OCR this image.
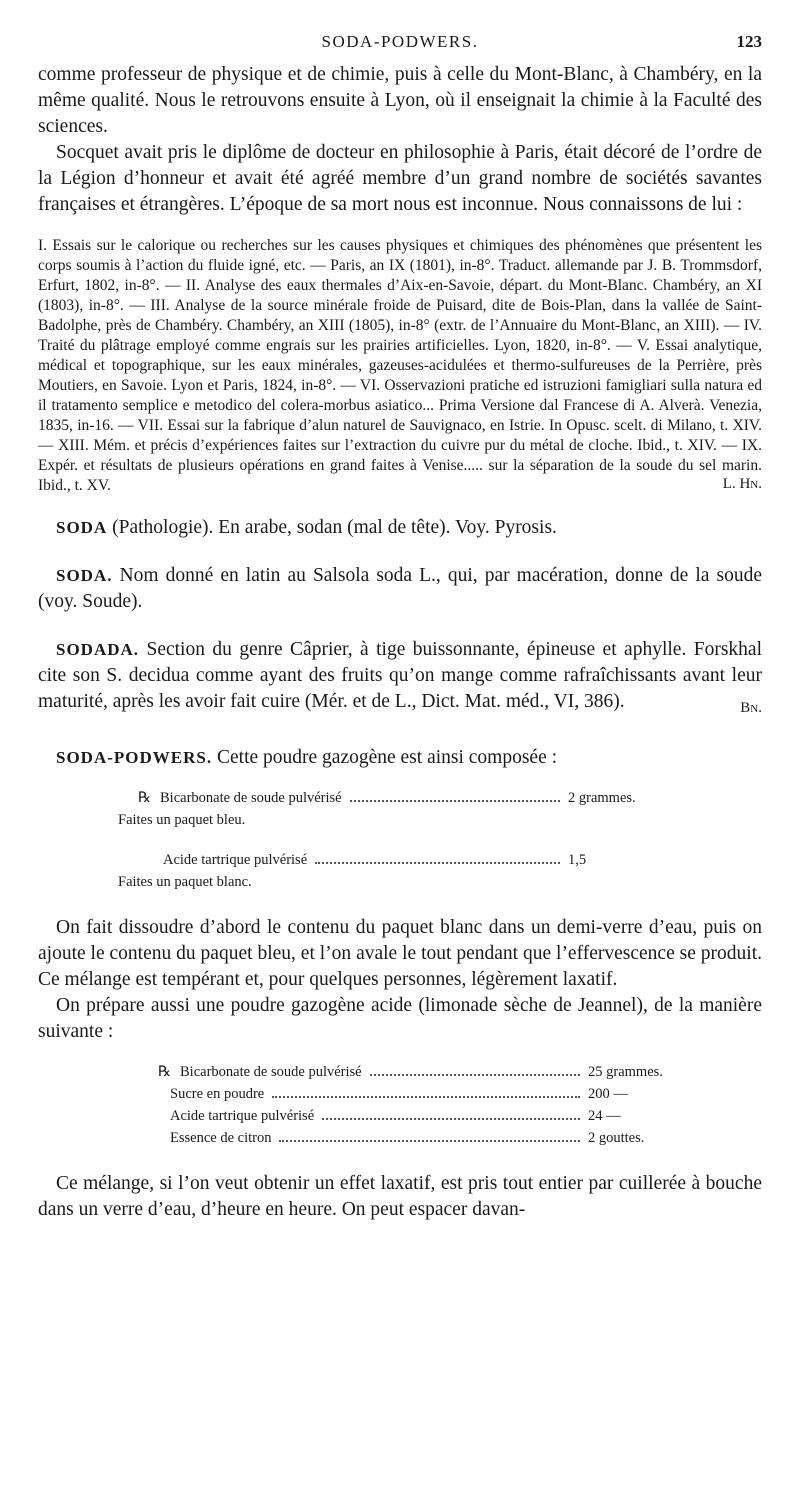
SODA-PODWERS.	123

comme professeur de physique et de chimie, puis à celle du Mont-Blanc, à Chambéry, en la même qualité. Nous le retrouvons ensuite à Lyon, où il enseignait la chimie à la Faculté des sciences.

Socquet avait pris le diplôme de docteur en philosophie à Paris, était décoré de l’ordre de la Légion d’honneur et avait été agréé membre d’un grand nombre de sociétés savantes françaises et étrangères. L’époque de sa mort nous est inconnue. Nous connaissons de lui :

I. Essais sur le calorique ou recherches sur les causes physiques et chimiques des phénomènes que présentent les corps soumis à l’action du fluide igné, etc. — Paris, an IX (1801), in-8°. Traduct. allemande par J. B. Trommsdorf, Erfurt, 1802, in-8°. — II. Analyse des eaux thermales d’Aix-en-Savoie, départ. du Mont-Blanc. Chambéry, an XI (1803), in-8°. — III. Analyse de la source minérale froide de Puisard, dite de Bois-Plan, dans la vallée de Saint-Badolphe, près de Chambéry. Chambéry, an XIII (1805), in-8° (extr. de l’Annuaire du Mont-Blanc, an XIII). — IV. Traité du plâtrage employé comme engrais sur les prairies artificielles. Lyon, 1820, in-8°. — V. Essai analytique, médical et topographique, sur les eaux minérales, gazeuses-acidulées et thermo-sulfureuses de la Perrière, près Moutiers, en Savoie. Lyon et Paris, 1824, in-8°. — VI. Osservazioni pratiche ed istruzioni famigliari sulla natura ed il tratamento semplice e metodico del colera-morbus asiatico... Prima Versione dal Francese di A. Alverà. Venezia, 1835, in-16. — VII. Essai sur la fabrique d’alun naturel de Sauvignaco, en Istrie. In Opusc. scelt. di Milano, t. XIV. — XIII. Mém. et précis d’expériences faites sur l’extraction du cuivre pur du métal de cloche. Ibid., t. XIV. — IX. Expér. et résultats de plusieurs opérations en grand faites à Venise..... sur la séparation de la soude du sel marin. Ibid., t. XV.	L. Hn.

SODA (Pathologie). En arabe, sodan (mal de tête). Voy. Pyrosis.

SODA. Nom donné en latin au Salsola soda L., qui, par macération, donne de la soude (voy. Soude).

SODADA. Section du genre Câprier, à tige buissonnante, épineuse et aphylle. Forskhal cite son S. decidua comme ayant des fruits qu’on mange comme rafraîchissants avant leur maturité, après les avoir fait cuire (Mér. et de L., Dict. Mat. méd., VI, 386).	Bn.

SODA-PODWERS. Cette poudre gazogène est ainsi composée :

℞ Bicarbonate de soude pulvérisé	2 grammes.
Faites un paquet bleu.
Acide tartrique pulvérisé	1,5
Faites un paquet blanc.

On fait dissoudre d’abord le contenu du paquet blanc dans un demi-verre d’eau, puis on ajoute le contenu du paquet bleu, et l’on avale le tout pendant que l’effervescence se produit. Ce mélange est tempérant et, pour quelques personnes, légèrement laxatif.

On prépare aussi une poudre gazogène acide (limonade sèche de Jeannel), de la manière suivante :

℞ Bicarbonate de soude pulvérisé	25 grammes.
Sucre en poudre	200 —
Acide tartrique pulvérisé	24 —
Essence de citron	2 gouttes.

Ce mélange, si l’on veut obtenir un effet laxatif, est pris tout entier par cuillerée à bouche dans un verre d’eau, d’heure en heure. On peut espacer davan-
